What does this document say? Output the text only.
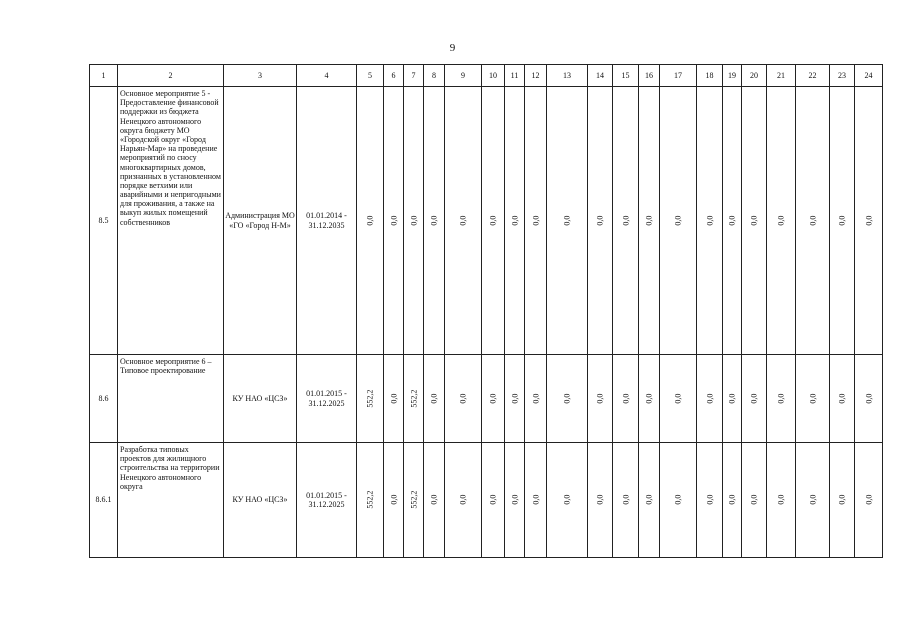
9
1	2	3	4	5	6	7	8	9	10	11	12	13	14	15	16	17	18	19	20	21	22	23	24
8.5	Основное мероприятие 5 - Предоставление финансовой поддержки из бюджета Ненецкого автономного округа бюджету МО «Городской округ «Город Нарьян-Мар» на проведение мероприятий по сносу многоквартирных домов, признанных в установленном порядке ветхими или аварийными и непригодными для проживания, а также на выкуп жилых помещений собственников	Администрация МО «ГО «Город Н-М»	01.01.2014 - 31.12.2035	0,0	0,0	0,0	0,0	0,0	0,0	0,0	0,0	0,0	0,0	0,0	0,0	0,0	0,0	0,0	0,0	0,0	0,0	0,0	0,0
8.6	Основное мероприятие 6 – Типовое проектирование	КУ НАО «ЦСЗ»	01.01.2015 - 31.12.2025	552,2	0,0	552,2	0,0	0,0	0,0	0,0	0,0	0,0	0,0	0,0	0,0	0,0	0,0	0,0	0,0	0,0	0,0	0,0	0,0
8.6.1	Разработка типовых проектов для жилищного строительства на территории Ненецкого автономного округа	КУ НАО «ЦСЗ»	01.01.2015 - 31.12.2025	552,2	0,0	552,2	0,0	0,0	0,0	0,0	0,0	0,0	0,0	0,0	0,0	0,0	0,0	0,0	0,0	0,0	0,0	0,0	0,0
